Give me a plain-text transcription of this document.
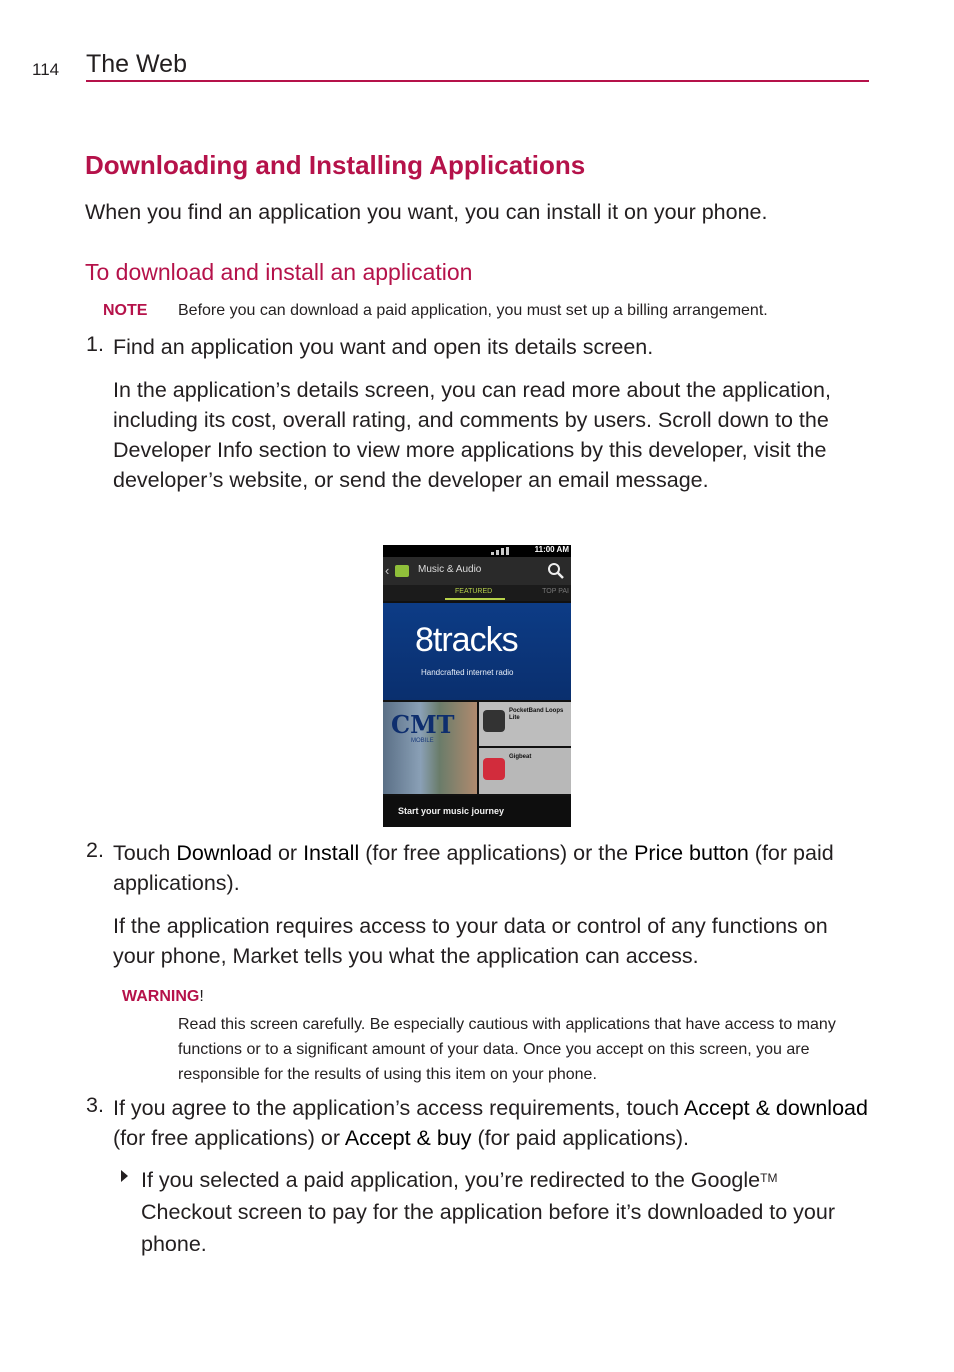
114 The Web
Downloading and Installing Applications
When you find an application you want, you can install it on your phone.
To download and install an application
NOTE Before you can download a paid application, you must set up a billing arrangement.
1. Find an application you want and open its details screen.
In the application’s details screen, you can read more about the application, including its cost, overall rating, and comments by users. Scroll down to the Developer Info section to view more applications by this developer, visit the developer’s website, or send the developer an email message.
11:00 AM
‹	Music & Audio
FEATURED	TOP PAI
8tracks
Handcrafted internet radio
CMT
MOBILE
PocketBand Loops Lite
Gigbeat
Start your music journey
2. Touch Download or Install (for free applications) or the Price button (for paid applications).
If the application requires access to your data or control of any functions on your phone, Market tells you what the application can access.
WARNING!
Read this screen carefully. Be especially cautious with applications that have access to many functions or to a significant amount of your data. Once you accept on this screen, you are responsible for the results of using this item on your phone.
3. If you agree to the application’s access requirements, touch Accept & download (for free applications) or Accept & buy (for paid applications).
If you selected a paid application, you’re redirected to the Google™ Checkout screen to pay for the application before it’s downloaded to your phone.
